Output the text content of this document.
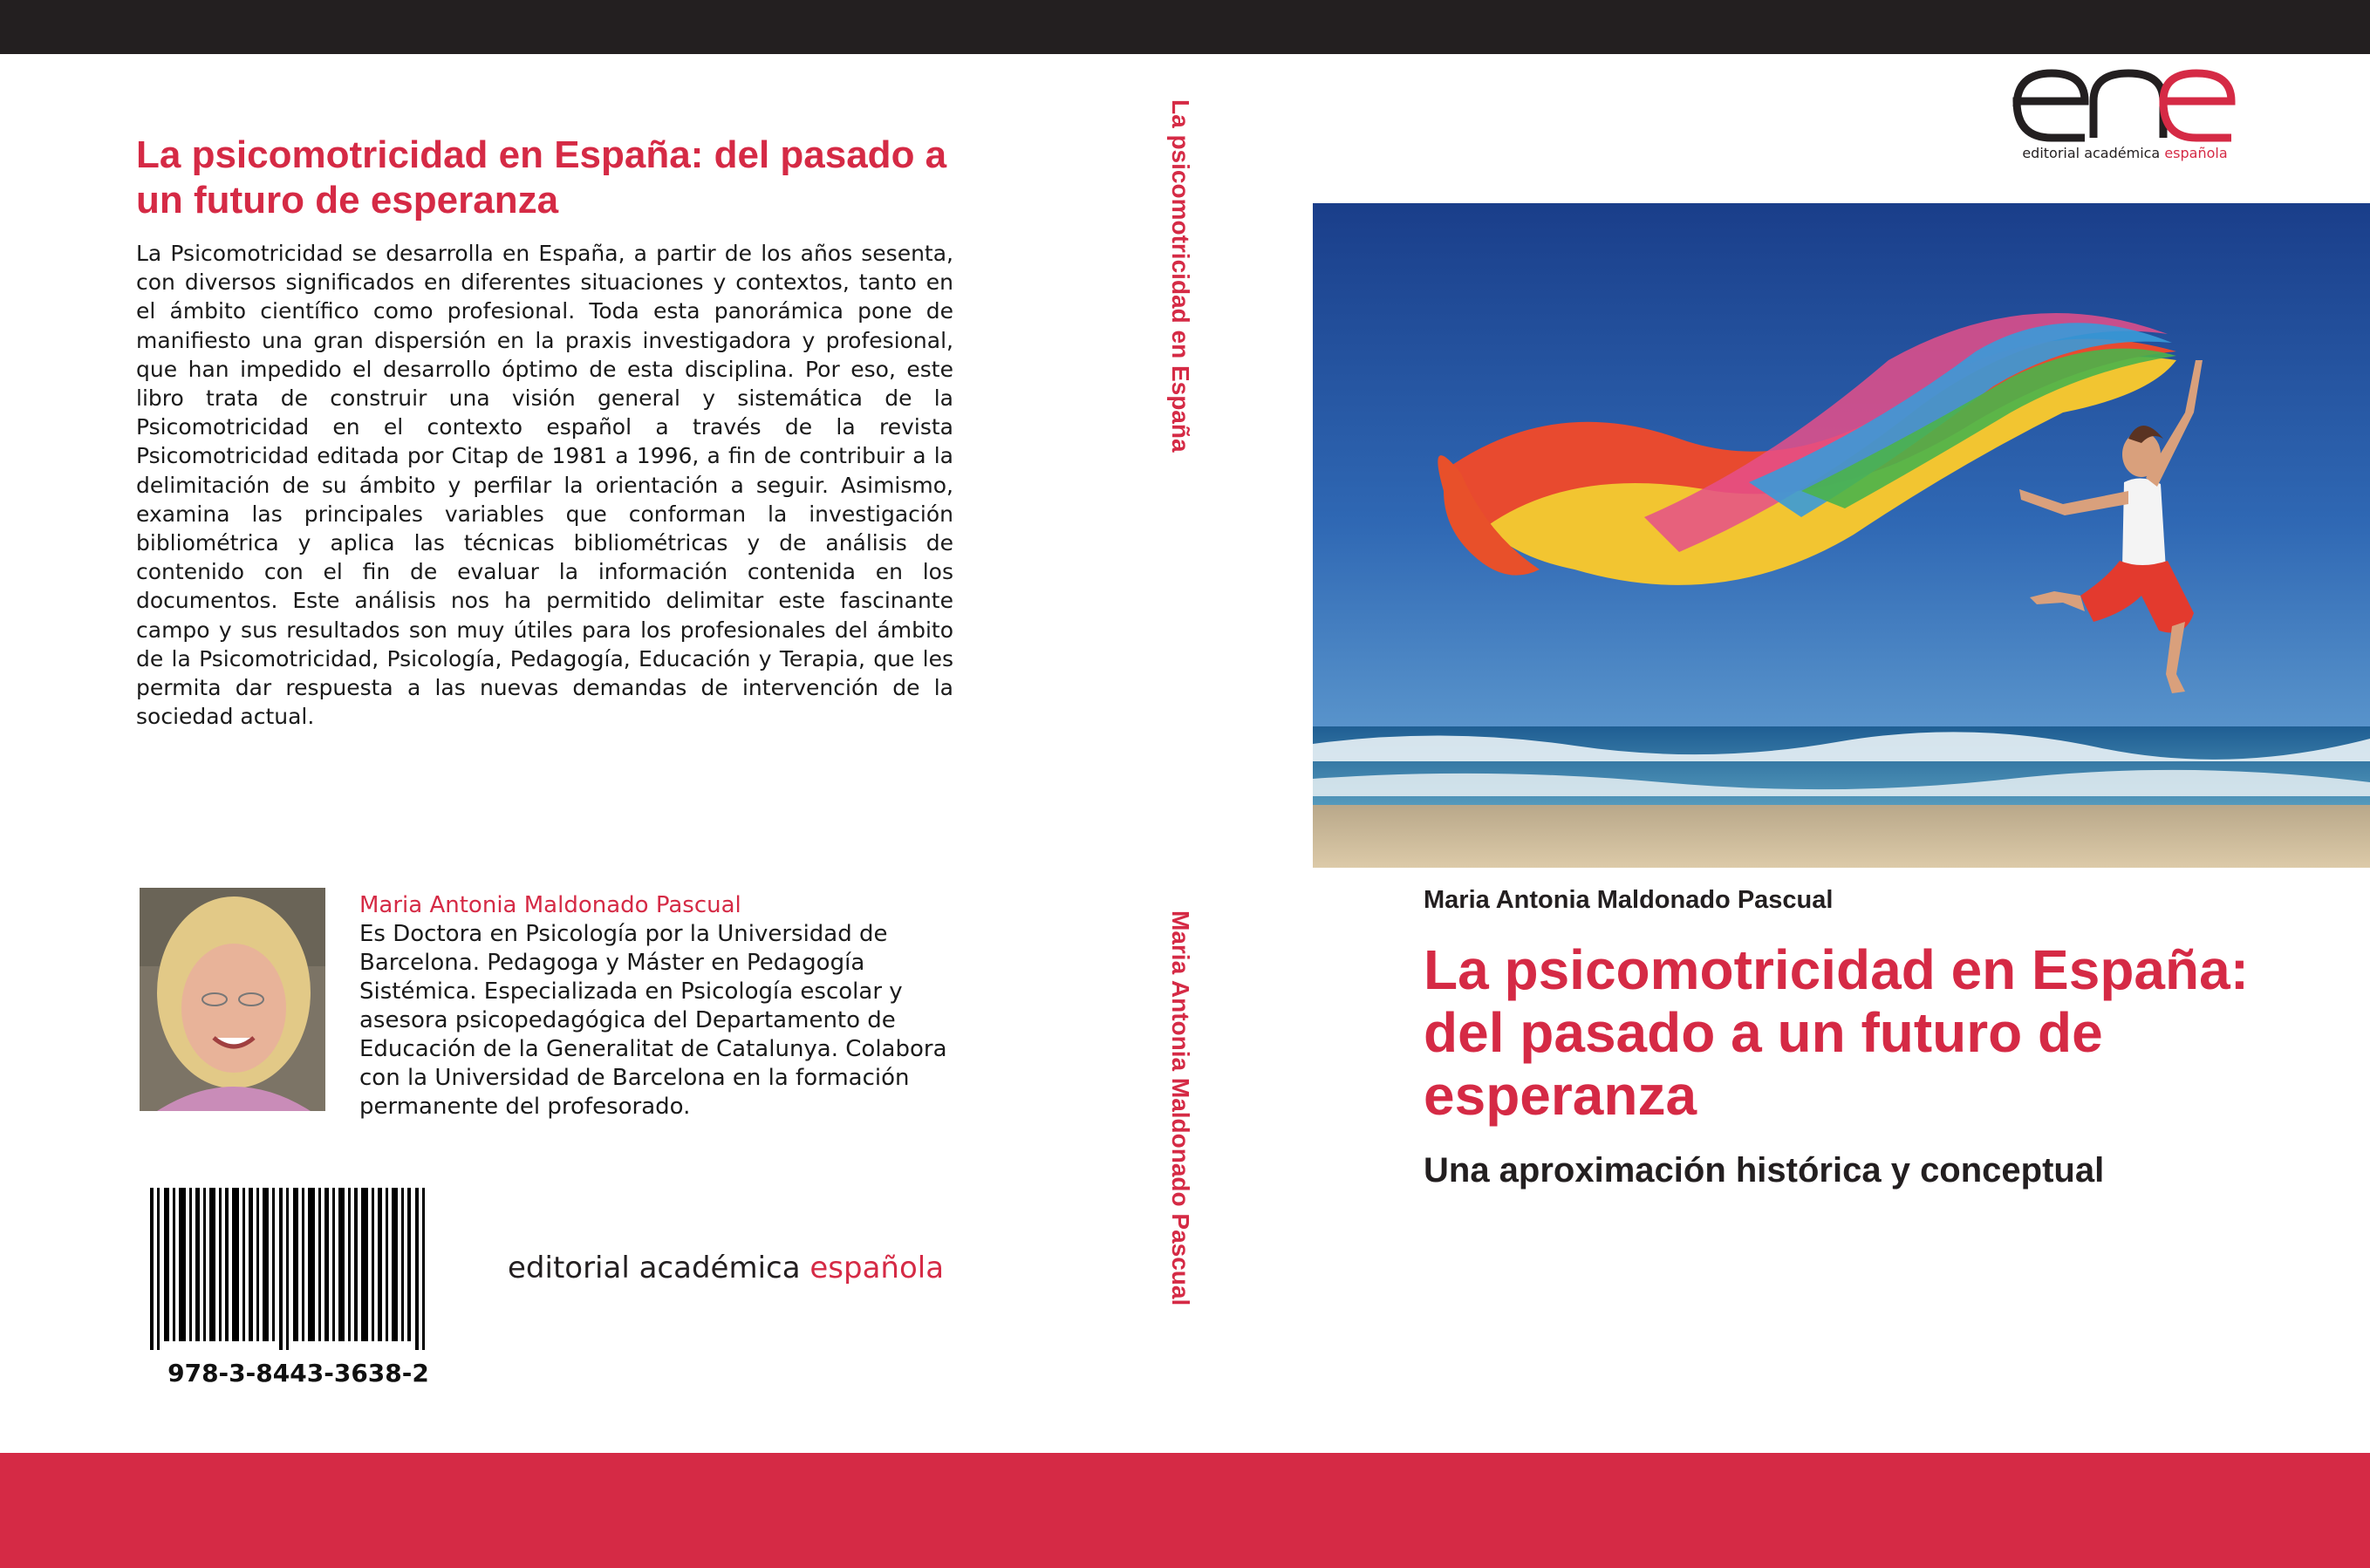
La psicomotricidad en España: del pasado a un futuro de esperanza

La Psicomotricidad se desarrolla en España, a partir de los años sesenta, con diversos significados en diferentes situaciones y contextos, tanto en el ámbito científico como profesional. Toda esta panorámica pone de manifiesto una gran dispersión en la praxis investigadora y profesional, que han impedido el desarrollo óptimo de esta disciplina. Por eso, este libro trata de construir una visión general y sistemática de la Psicomotricidad en el contexto español a través de la revista Psicomotricidad editada por Citap de 1981 a 1996, a fin de contribuir a la delimitación de su ámbito y perfilar la orientación a seguir. Asimismo, examina las principales variables que conforman la investigación bibliométrica y aplica las técnicas bibliométricas y de análisis de contenido con el fin de evaluar la información contenida en los documentos. Este análisis nos ha permitido delimitar este fascinante campo y sus resultados son muy útiles para los profesionales del ámbito de la Psicomotricidad, Psicología, Pedagogía, Educación y Terapia, que les permita dar respuesta a las nuevas demandas de intervención de la sociedad actual.

Maria Antonia Maldonado Pascual

Es Doctora en Psicología por la Universidad de Barcelona. Pedagoga y Máster en Pedagogía Sistémica. Especializada en Psicología escolar y asesora psicopedagógica del Departamento de Educación de la Generalitat de Catalunya. Colabora con la Universidad de Barcelona en la formación permanente del profesorado.

978-3-8443-3638-2
editorial académica española
La psicomotricidad en España
Maria Antonia Maldonado Pascual
editorial académica española
Maria Antonia Maldonado Pascual
La psicomotricidad en España: del pasado a un futuro de esperanza
Una aproximación histórica y conceptual
